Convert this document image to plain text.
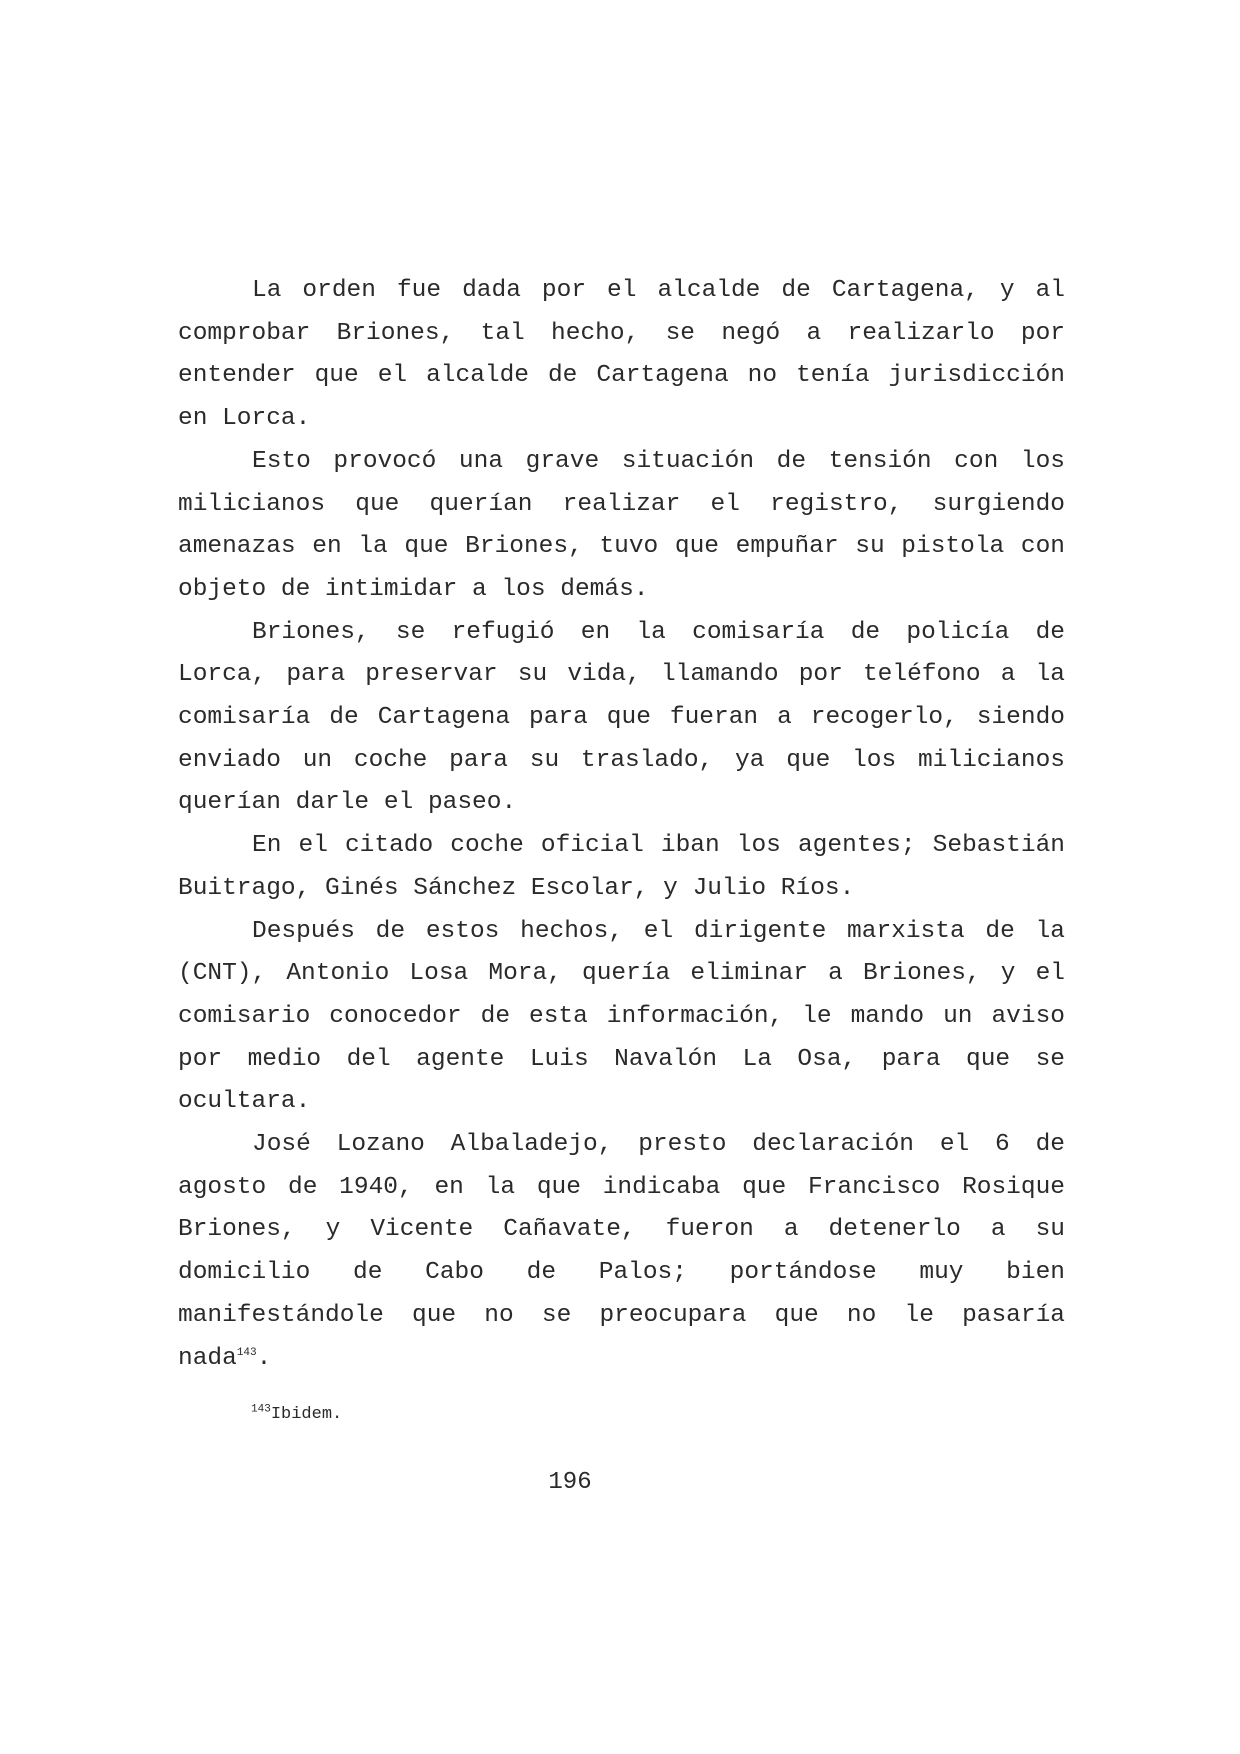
La orden fue dada por el alcalde de Cartagena, y al comprobar Briones, tal hecho, se negó a realizarlo por entender que el alcalde de Cartagena no tenía jurisdicción en Lorca.

Esto provocó una grave situación de tensión con los milicianos que querían realizar el registro, surgiendo amenazas en la que Briones, tuvo que empuñar su pistola con objeto de intimidar a los demás.

Briones, se refugió en la comisaría de policía de Lorca, para preservar su vida, llamando por teléfono a la comisaría de Cartagena para que fueran a recogerlo, siendo enviado un coche para su traslado, ya que los milicianos querían darle el paseo.

En el citado coche oficial iban los agentes; Sebastián Buitrago, Ginés Sánchez Escolar, y Julio Ríos.

Después de estos hechos, el dirigente marxista de la (CNT), Antonio Losa Mora, quería eliminar a Briones, y el comisario conocedor de esta información, le mando un aviso por medio del agente Luis Navalón La Osa, para que se ocultara.

José Lozano Albaladejo, presto declaración el 6 de agosto de 1940, en la que indicaba que Francisco Rosique Briones, y Vicente Cañavate, fueron a detenerlo a su domicilio de Cabo de Palos; portándose muy bien manifestándole que no se preocupara que no le pasaría nada$^{143}$.

$^{143}$Ibidem.
196
